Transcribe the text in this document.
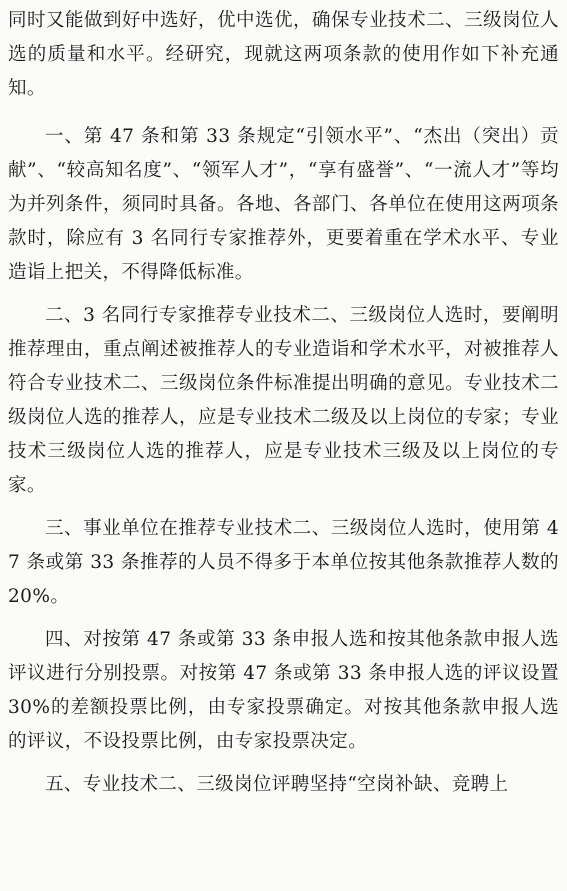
同时又能做到好中选好，优中选优，确保专业技术二、三级岗位人选的质量和水平。经研究，现就这两项条款的使用作如下补充通知。

一、第 47 条和第 33 条规定“引领水平”、“杰出（突出）贡献”、“较高知名度”、“领军人才”，“享有盛誉”、“一流人才”等均为并列条件，须同时具备。各地、各部门、各单位在使用这两项条款时，除应有 3 名同行专家推荐外，更要着重在学术水平、专业造诣上把关，不得降低标准。

二、3 名同行专家推荐专业技术二、三级岗位人选时，要阐明推荐理由，重点阐述被推荐人的专业造诣和学术水平，对被推荐人符合专业技术二、三级岗位条件标准提出明确的意见。专业技术二级岗位人选的推荐人，应是专业技术二级及以上岗位的专家；专业技术三级岗位人选的推荐人，应是专业技术三级及以上岗位的专家。

三、事业单位在推荐专业技术二、三级岗位人选时，使用第 47 条或第 33 条推荐的人员不得多于本单位按其他条款推荐人数的 20%。

四、对按第 47 条或第 33 条申报人选和按其他条款申报人选评议进行分别投票。对按第 47 条或第 33 条申报人选的评议设置 30%的差额投票比例，由专家投票确定。对按其他条款申报人选的评议，不设投票比例，由专家投票决定。

五、专业技术二、三级岗位评聘坚持“空岗补缺、竞聘上
